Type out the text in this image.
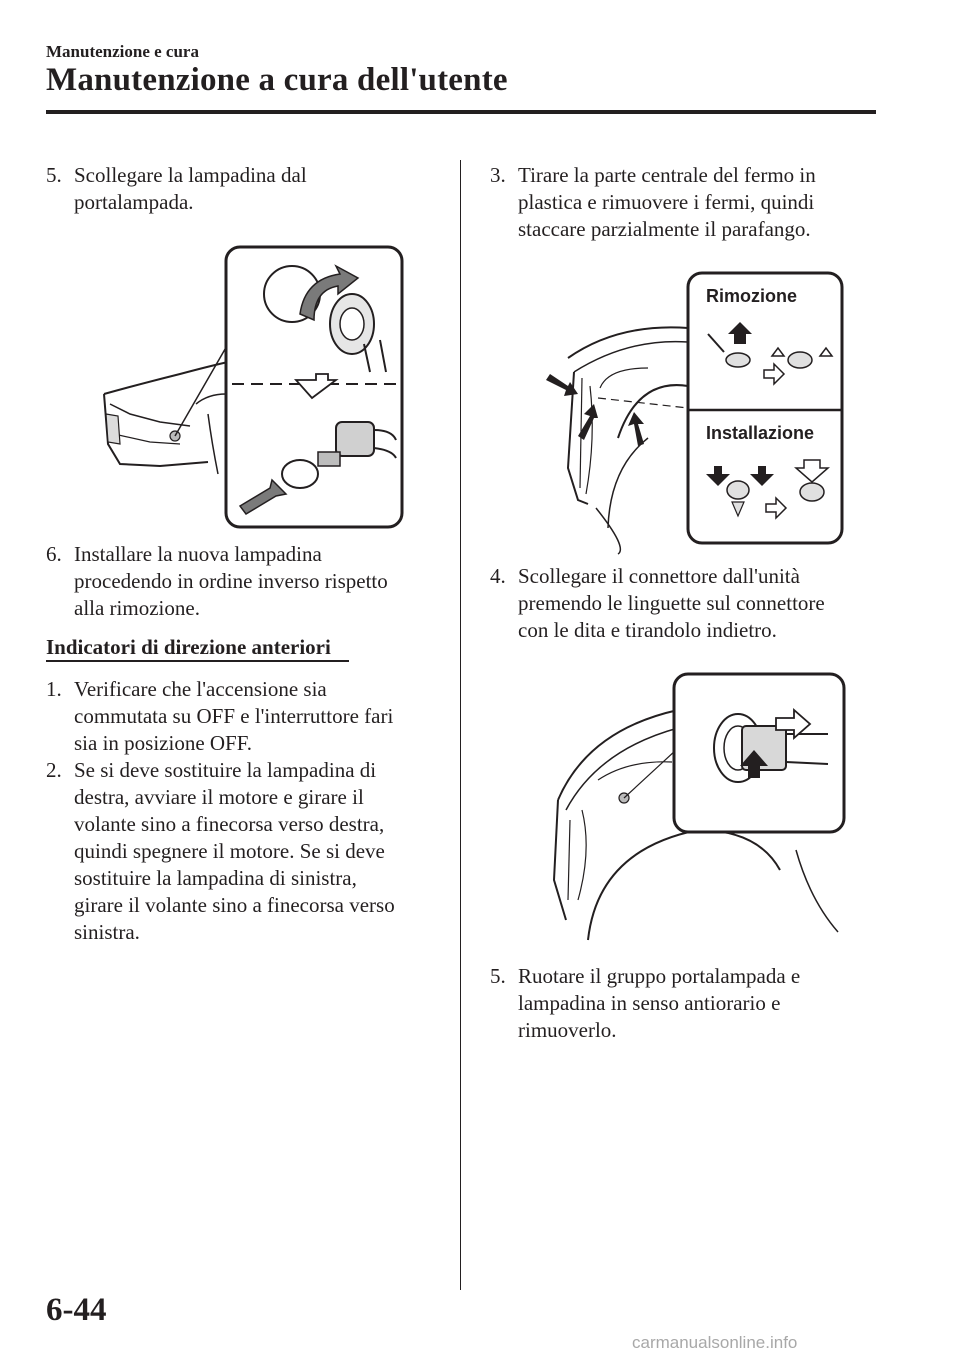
Manutenzione e cura
Manutenzione a cura dell'utente
5. Scollegare la lampadina dal
portalampada.
6. Installare la nuova lampadina
procedendo in ordine inverso rispetto
alla rimozione.
Indicatori di direzione anteriori
1. Verificare che l'accensione sia
commutata su OFF e l'interruttore fari
sia in posizione OFF.
2. Se si deve sostituire la lampadina di
destra, avviare il motore e girare il
volante sino a finecorsa verso destra,
quindi spegnere il motore. Se si deve
sostituire la lampadina di sinistra,
girare il volante sino a finecorsa verso
sinistra.
3. Tirare la parte centrale del fermo in
plastica e rimuovere i fermi, quindi
staccare parzialmente il parafango.
Rimozione
Installazione
4. Scollegare il connettore dall'unità
premendo le linguette sul connettore
con le dita e tirandolo indietro.
5. Ruotare il gruppo portalampada e
lampadina in senso antiorario e
rimuoverlo.
6-44
carmanualsonline.info
